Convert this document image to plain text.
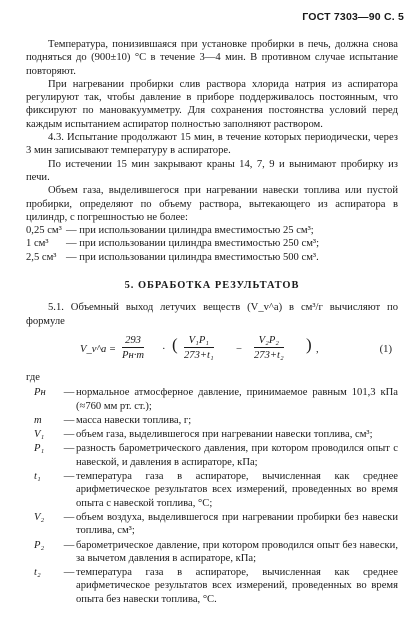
ГОСТ 7303—90 С. 5

Температура, понизившаяся при установке пробирки в печь, должна снова подняться до (900±10) °С в течение 3—4 мин. В противном случае испытание повторяют.

При нагревании пробирки слив раствора хлорида натрия из аспиратора регулируют так, чтобы давление в приборе поддерживалось постоянным, что фиксируют по мановакуумметру. Для сохранения постоянства условий перед каждым испытанием аспиратор полностью заполняют раствором.

4.3. Испытание продолжают 15 мин, в течение которых периодически, через 3 мин записывают температуру в аспираторе.

По истечении 15 мин закрывают краны 14, 7, 9 и вынимают пробирку из печи.

Объем газа, выделившегося при нагревании навески топлива или пустой пробирки, определяют по объему раствора, вытекающего из аспиратора в цилиндр, с погрешностью не более:

0,25 см³ — при использовании цилиндра вместимостью 25 см³;
1 см³	— при использовании цилиндра вместимостью 250 см³;
2,5 см³ — при использовании цилиндра вместимостью 500 см³.
5. ОБРАБОТКА РЕЗУЛЬТАТОВ

5.1. Объемный выход летучих веществ (V_v^a) в см³/г вычисляют по формуле

V_v^a =
293
Pн·m
· ( $\frac{\text{V₁P₁}}{\text{273+t₁}} - \frac{\text{V₂P₂}}{\text{273+t₂}}$ ) ,	(1)

где

Pн	— нормальное атмосферное давление, принимаемое равным 101,3 кПа (≈760 мм рт. ст.);
m	— масса навески топлива, г;
V₁	— объем газа, выделившегося при нагревании навески топлива, см³;
P₁	— разность барометрического давления, при котором проводился опыт с навеской, и давления в аспираторе, кПа;
t₁	— температура газа в аспираторе, вычисленная как среднее арифметическое результатов всех измерений, проведенных во время опыта с навеской топлива, °С;
V₂	— объем воздуха, выделившегося при нагревании пробирки без навески топлива, см³;
P₂	— барометрическое давление, при котором проводился опыт без навески, за вычетом давления в аспираторе, кПа;
t₂	— температура газа в аспираторе, вычисленная как среднее арифметическое результатов всех измерений, проведенных во время опыта без навески топлива, °С.
